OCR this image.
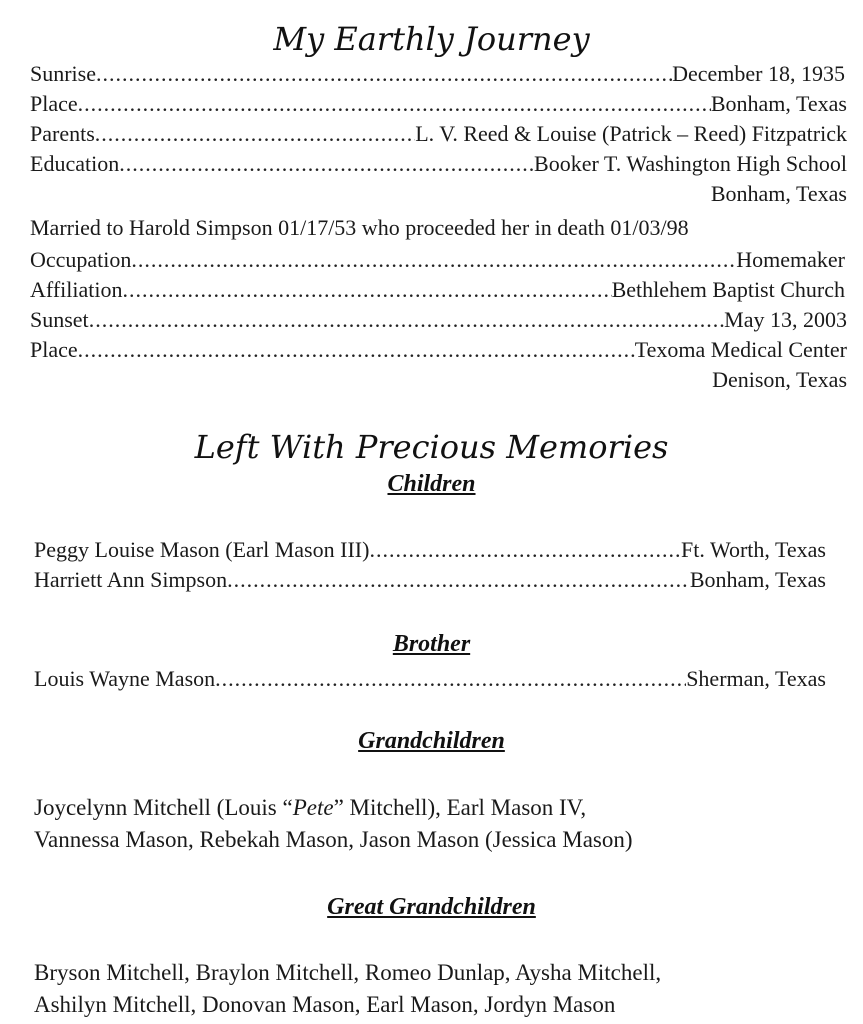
My Earthly Journey
Sunrise .....	December 18, 1935
Place .....	Bonham, Texas
Parents .....	L. V. Reed & Louise (Patrick – Reed) Fitzpatrick
Education .....	Booker T. Washington High School
Bonham, Texas
Married to Harold Simpson 01/17/53 who proceeded her in death 01/03/98
Occupation .....	Homemaker
Affiliation .....	Bethlehem Baptist Church
Sunset .....	May 13, 2003
Place .....	Texoma Medical Center
Denison, Texas
Left With Precious Memories
Children
Peggy Louise Mason (Earl Mason III) .....	Ft. Worth, Texas
Harriett Ann Simpson .....	Bonham, Texas
Brother
Louis Wayne Mason .....	Sherman, Texas
Grandchildren
Joycelynn Mitchell (Louis “Pete” Mitchell), Earl Mason IV,
Vannessa Mason, Rebekah Mason, Jason Mason (Jessica Mason)
Great Grandchildren
Bryson Mitchell, Braylon Mitchell, Romeo Dunlap, Aysha Mitchell,
Ashilyn Mitchell, Donovan Mason, Earl Mason, Jordyn Mason
